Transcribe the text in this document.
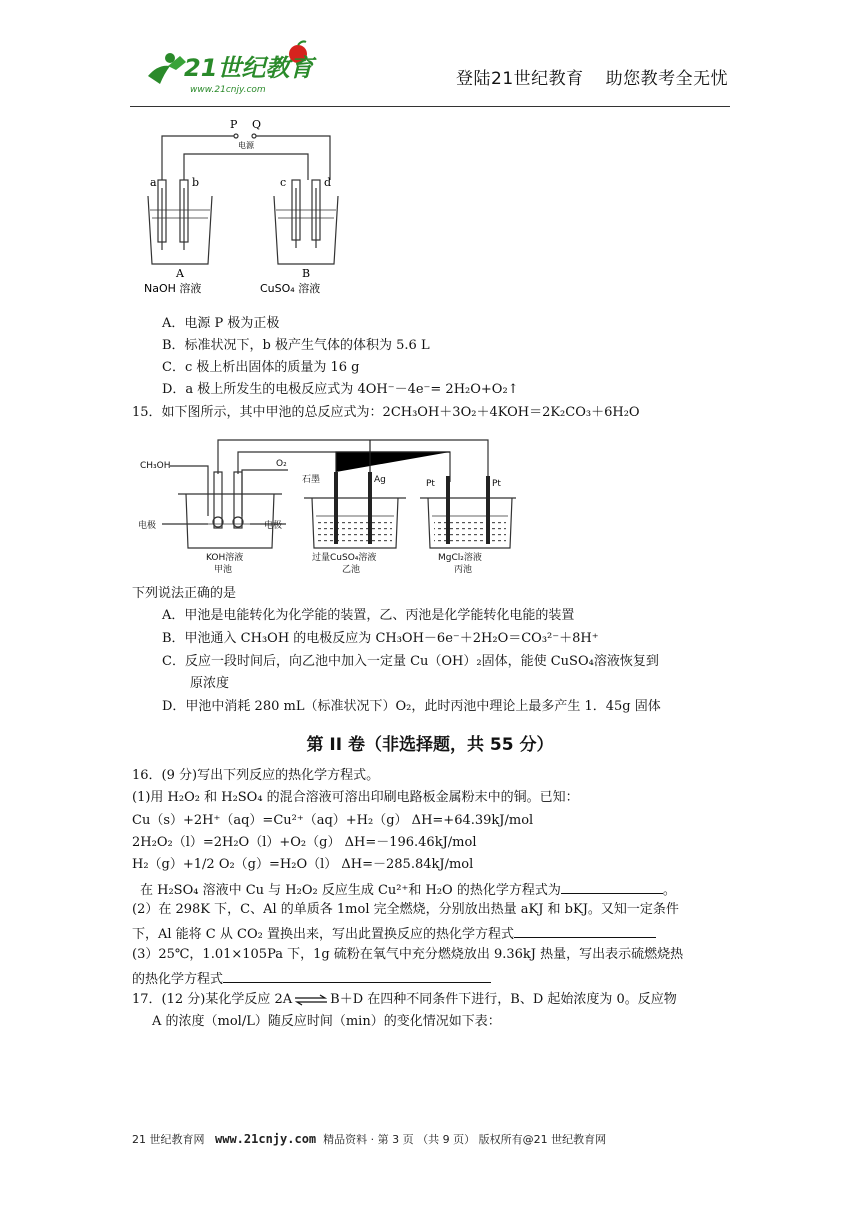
21世纪教育
www.21cnjy.com
登陆21世纪教育 助您教考全无忧
P Q
电源
a	b	c	d
A
NaOH 溶液
B
CuSO₄ 溶液
A．电源 P 极为正极
B．标准状况下，b 极产生气体的体积为 5.6 L
C．c 极上析出固体的质量为 16 g
D．a 极上所发生的电极反应式为 4OH⁻－4e⁻= 2H₂O+O₂↑
15．如下图所示，其中甲池的总反应式为：2CH₃OH＋3O₂＋4KOH＝2K₂CO₃＋6H₂O
CH₃OH	O₂
电极	电极
KOH溶液
甲池
石墨	Ag
过量CuSO₄溶液
乙池
Pt	Pt
MgCl₂溶液
丙池
下列说法正确的是
A．甲池是电能转化为化学能的装置，乙、丙池是化学能转化电能的装置
B．甲池通入 CH₃OH 的电极反应为 CH₃OH－6e⁻＋2H₂O＝CO₃²⁻＋8H⁺
C．反应一段时间后，向乙池中加入一定量 Cu（OH）₂固体，能使 CuSO₄溶液恢复到
原浓度
D．甲池中消耗 280 mL（标准状况下）O₂，此时丙池中理论上最多产生 1．45g 固体
第 II 卷（非选择题，共 55 分）
16．(9 分)写出下列反应的热化学方程式。
(1)用 H₂O₂ 和 H₂SO₄ 的混合溶液可溶出印刷电路板金属粉末中的铜。已知：
Cu（s）+2H⁺（aq）=Cu²⁺（aq）+H₂（g） ΔH=+64.39kJ/mol
2H₂O₂（l）=2H₂O（l）+O₂（g） ΔH=－196.46kJ/mol
H₂（g）+1/2 O₂（g）=H₂O（l） ΔH=－285.84kJ/mol
在 H₂SO₄ 溶液中 Cu 与 H₂O₂ 反应生成 Cu²⁺和 H₂O 的热化学方程式为	。
(2）在 298K 下，C、Al 的单质各 1mol 完全燃烧，分别放出热量 aKJ 和 bKJ。又知一定条件
下，Al 能将 C 从 CO₂ 置换出来，写出此置换反应的热化学方程式
(3）25℃，1.01×105Pa 下，1g 硫粉在氧气中充分燃烧放出 9.36kJ 热量，写出表示硫燃烧热
的热化学方程式
17．(12 分)某化学反应 2A⇌B＋D 在四种不同条件下进行，B、D 起始浓度为 0。反应物
A 的浓度（mol/L）随反应时间（min）的变化情况如下表：
21 世纪教育网 www.21cnjy.com 精品资料 · 第 3 页 （共 9 页） 版权所有@21 世纪教育网
